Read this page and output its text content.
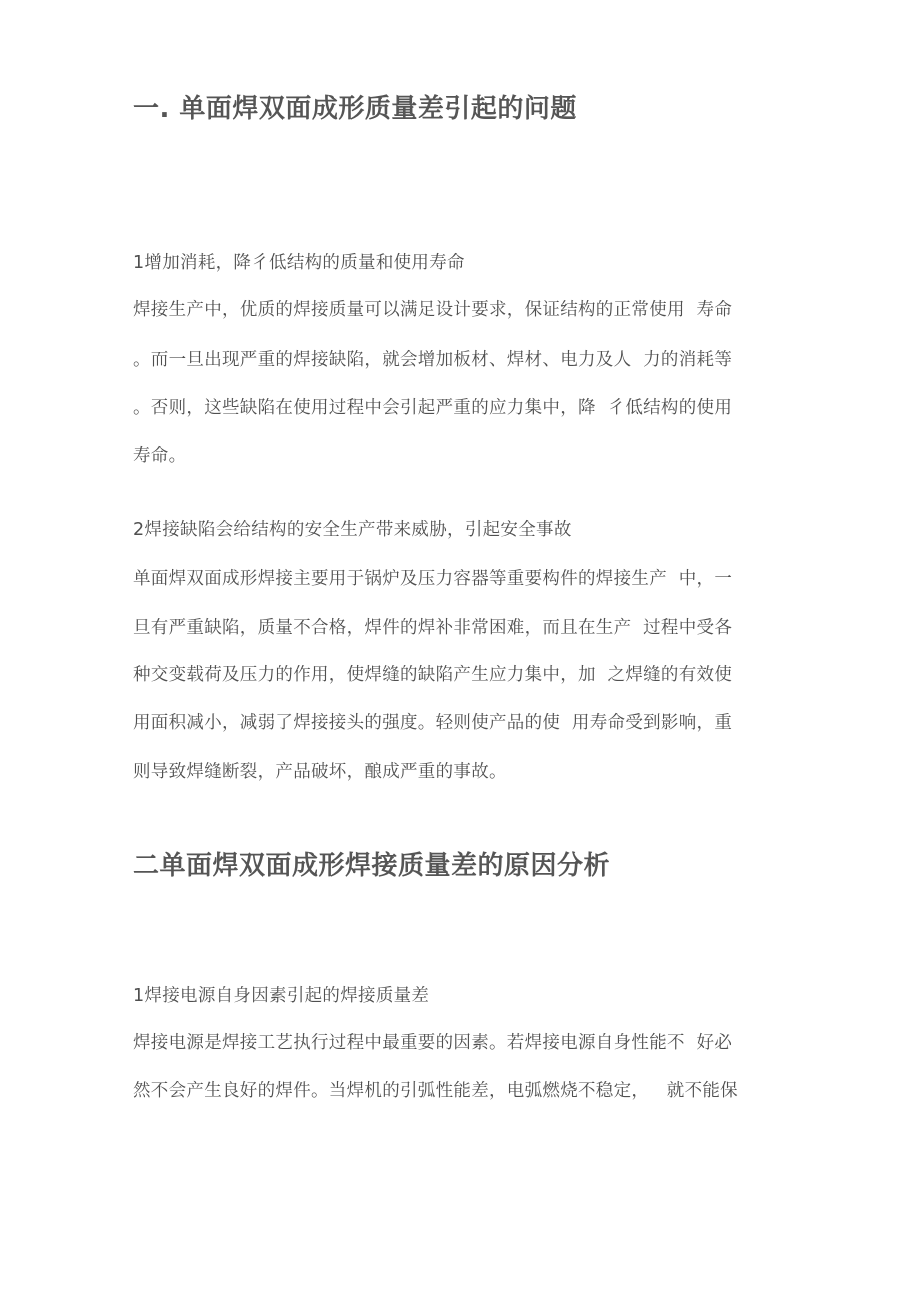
一. 单面焊双面成形质量差引起的问题
1增加消耗，降彳低结构的质量和使用寿命
焊接生产中，优质的焊接质量可以满足设计要求，保证结构的正常使用  寿命
。而一旦出现严重的焊接缺陷，就会增加板材、焊材、电力及人  力的消耗等
。否则，这些缺陷在使用过程中会引起严重的应力集中，降  彳低结构的使用
寿命。
2焊接缺陷会给结构的安全生产带来威胁，引起安全事故
单面焊双面成形焊接主要用于锅炉及压力容器等重要构件的焊接生产  中，一
旦有严重缺陷，质量不合格，焊件的焊补非常困难，而且在生产  过程中受各
种交变载荷及压力的作用，使焊缝的缺陷产生应力集中，加  之焊缝的有效使
用面积减小，减弱了焊接接头的强度。轻则使产品的使  用寿命受到影响，重
则导致焊缝断裂，产品破坏，酿成严重的事故。
二单面焊双面成形焊接质量差的原因分析
1焊接电源自身因素引起的焊接质量差
焊接电源是焊接工艺执行过程中最重要的因素。若焊接电源自身性能不  好必
然不会产生良好的焊件。当焊机的引弧性能差，电弧燃烧不稳定，   就不能保
